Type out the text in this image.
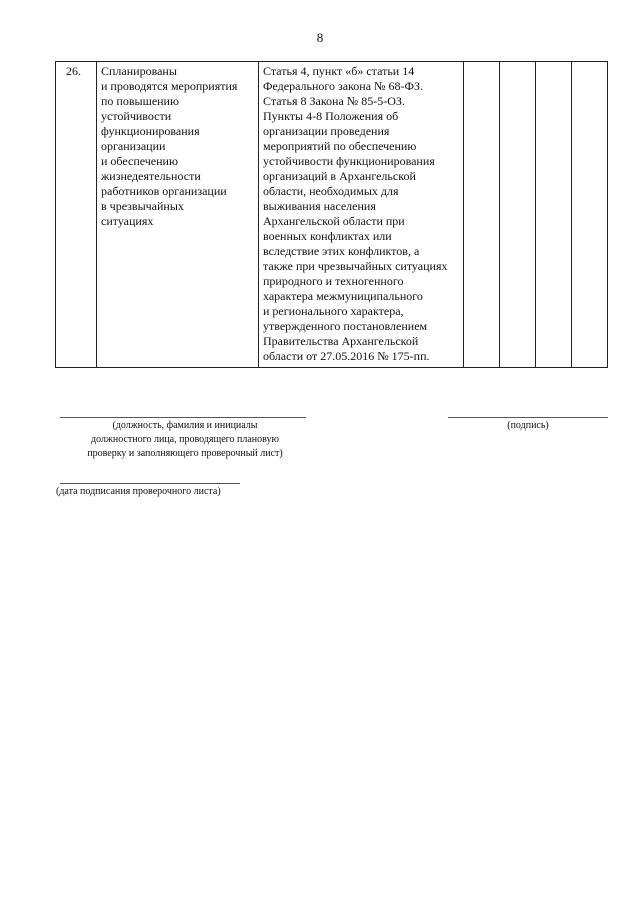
8
26.	Спланированы
и проводятся мероприятия
по повышению
устойчивости
функционирования
организации
и обеспечению
жизнедеятельности
работников организации
в чрезвычайных
ситуациях	Статья 4, пункт «б» статьи 14
Федерального закона № 68-ФЗ.
Статья 8 Закона № 85-5-ОЗ.
Пункты 4-8 Положения об
организации проведения
мероприятий по обеспечению
устойчивости функционирования
организаций в Архангельской
области, необходимых для
выживания населения
Архангельской области при
военных конфликтах или
вследствие этих конфликтов, а
также при чрезвычайных ситуациях
природного и техногенного
характера межмуниципального
и регионального характера,
утвержденного постановлением
Правительства Архангельской
области от 27.05.2016 № 175-пп.				
(должность, фамилия и инициалы
должностного лица, проводящего плановую
проверку и заполняющего проверочный лист)
(подпись)
(дата подписания проверочного листа)
